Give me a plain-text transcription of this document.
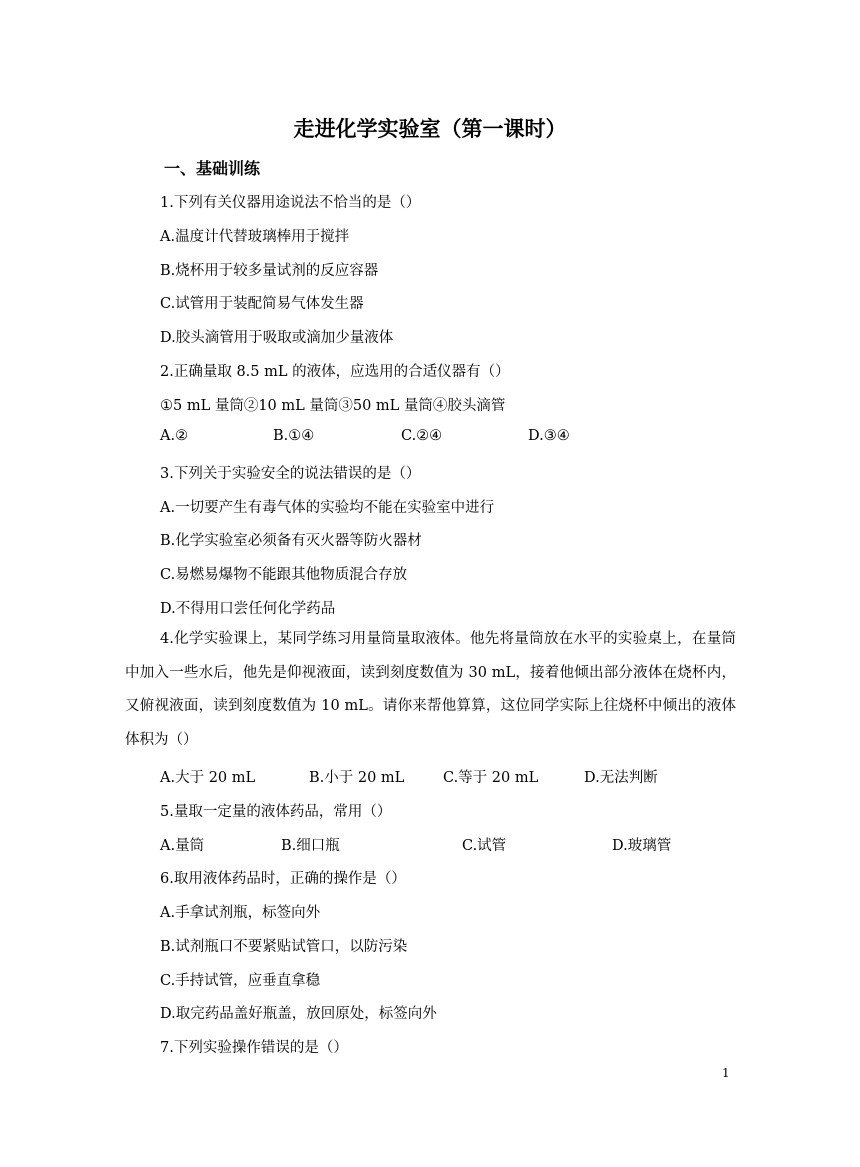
走进化学实验室（第一课时）
一、基础训练

1.下列有关仪器用途说法不恰当的是（）

A.温度计代替玻璃棒用于搅拌

B.烧杯用于较多量试剂的反应容器

C.试管用于装配简易气体发生器

D.胶头滴管用于吸取或滴加少量液体

2.正确量取 8.5 mL 的液体，应选用的合适仪器有（）

①5 mL 量筒②10 mL 量筒③50 mL 量筒④胶头滴管

A.②	B.①④	C.②④	D.③④

3.下列关于实验安全的说法错误的是（）

A.一切要产生有毒气体的实验均不能在实验室中进行

B.化学实验室必须备有灭火器等防火器材

C.易燃易爆物不能跟其他物质混合存放

D.不得用口尝任何化学药品

4.化学实验课上，某同学练习用量筒量取液体。他先将量筒放在水平的实验桌上，在量筒中加入一些水后，他先是仰视液面，读到刻度数值为 30 mL，接着他倾出部分液体在烧杯内，又俯视液面，读到刻度数值为 10 mL。请你来帮他算算，这位同学实际上往烧杯中倾出的液体体积为（）

A.大于 20 mL	B.小于 20 mL	C.等于 20 mL	D.无法判断

5.量取一定量的液体药品，常用（）

A.量筒	B.细口瓶	C.试管	D.玻璃管

6.取用液体药品时，正确的操作是（）

A.手拿试剂瓶，标签向外

B.试剂瓶口不要紧贴试管口，以防污染

C.手持试管，应垂直拿稳

D.取完药品盖好瓶盖，放回原处，标签向外

7.下列实验操作错误的是（）

1
